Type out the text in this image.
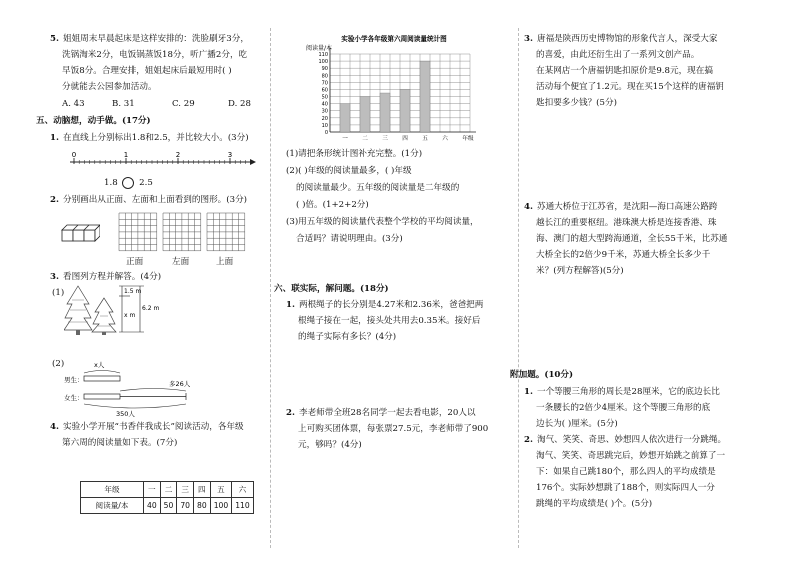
5. 姐姐周末早晨起床是这样安排的：洗脸刷牙3分，
洗锅淘米2分，电饭锅蒸饭18分，听广播2分，吃
早饭8分。合理安排，姐姐起床后最短用时( )
分就能去公园参加活动。
A. 43	B. 31	C. 29	D. 28
五、动脑想，动手做。(17分)
1. 在直线上分别标出1.8和2.5，并比较大小。(3分)
0	1	2	3
1.8 2.5
2. 分别画出从正面、左面和上面看到的图形。(3分)
正面	左面	上面
3. 看图列方程并解答。(4分)
(1)	1.5 m
x m
6.2 m
(2)
男生：
女生：
x人
多26人
350人
4. 实验小学开展“书香伴我成长”阅读活动，各年级
第六周的阅读量如下表。(7分)
年级	一	二	三	四	五	六
阅读量/本	40	50	70	80	100	110
实验小学各年级第六周阅读量统计图
阅读量/本
0
10
20
30
40
50
60
70
80
90
100
110
一	二	三	四	五	六	年级
(1)请把条形统计图补充完整。(1分)
(2)( )年级的阅读量最多，( )年级
的阅读量最少。五年级的阅读量是二年级的
( )倍。(1+2+2分)
(3)用五年级的阅读量代表整个学校的平均阅读量，
合适吗？请说明理由。(3分)
六、联实际，解问题。(18分)
1. 两根绳子的长分别是4.27米和2.36米，爸爸把两
根绳子接在一起，接头处共用去0.35米。接好后
的绳子实际有多长？(4分)
2. 李老师带全班28名同学一起去看电影，20人以
上可购买团体票，每张票27.5元，李老师带了900
元，够吗？(4分)
3. 唐福是陕西历史博物馆的形象代言人，深受大家
的喜爱，由此还衍生出了一系列文创产品。
在某网店一个唐福钥匙扣原价是9.8元，现在搞
活动每个便宜了1.2元。现在买15个这样的唐福钥
匙扣要多少钱？(5分)
4. 苏通大桥位于江苏省，是沈阳—海口高速公路跨
越长江的重要枢纽。港珠澳大桥是连接香港、珠
海、澳门的超大型跨海通道，全长55千米，比苏通
大桥全长的2倍少9千米，苏通大桥全长多少千
米？(列方程解答)(5分)
附加题。(10分)
1. 一个等腰三角形的周长是28厘米，它的底边长比
一条腰长的2倍少4厘米。这个等腰三角形的底
边长为( )厘米。(5分)
2. 淘气、笑笑、奇思、妙想四人依次进行一分跳绳。
淘气、笑笑、奇思跳完后，妙想开始跳之前算了一
下：如果自己跳180个，那么四人的平均成绩是
176个。实际妙想跳了188个，则实际四人一分
跳绳的平均成绩是( )个。(5分)
